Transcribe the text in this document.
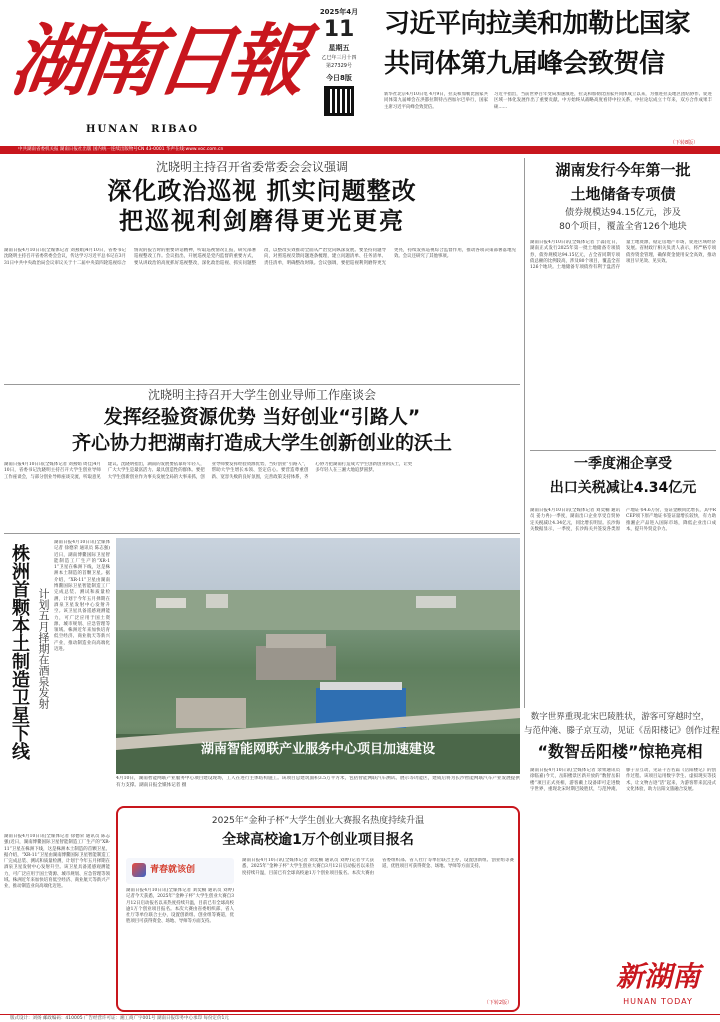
湖南日報
HUNAN  RIBAO
2025年4月
11
星期五
乙巳年三月十四
第27329号
今日8版
习近平向拉美和加勒比国家
共同体第九届峰会致贺信
新华社北京4月10日电 4月9日，拉美和加勒比国家共同体第九届峰会在洪都拉斯特古西加尔巴举行，国家主席习近平向峰会致贺信。
习近平指出，当前世界百年变局加速演进，拉美和加勒比国家共同体成立以来，为推进拉美地区团结协作、促进区域一体化发展作出了重要贡献。中方始终从战略高度看待中拉关系，中拉论坛成立十年来，双方合作成果丰硕……
（下转8版）
中共湖南省委机关报 湖南日报社出版 国内统一连续出版物号CN 43-0001 华声在线:www.voc.com.cn
沈晓明主持召开省委常委会会议强调
深化政治巡视 抓实问题整改
把巡视利剑磨得更光更亮
湖南日报4月10日讯(全媒体记者 刘燕娟)4月10日，省委书记沈晓明主持召开省委常委会会议，传达学习习近平总书记在3月31日中共中央政治局会议审议关于十二届中央第四轮巡视综合情况的报告时的重要讲话精神，听取巡视情况汇报，研究部署巡视整改工作。会议指出，开展巡视是党内监督的重要方式，要从讲政治的高度抓好巡视整改，深化政治巡视、抓实问题整改，以整改实效推动全面从严治党向纵深发展。要坚持问题导向，对照巡视反馈问题逐条梳理，建立问题清单、任务清单、责任清单，明确整改时限。会议强调，要把巡视利剑磨得更光更亮，持续发挥巡视综合监督作用，推动各项决策部署落地见效。会议还研究了其他事项。
沈晓明主持召开大学生创业导师工作座谈会
发挥经验资源优势 当好创业“引路人”
齐心协力把湖南打造成大学生创新创业的沃土
湖南日报4月10日讯(全媒体记者 刘燕娟 周佳)4月10日，省委书记沈晓明主持召开大学生创业导师工作座谈会，与部分创业导师座谈交流，听取意见建议。沈晓明指出，湖南的发展要依靠好年轻人，广大大学生是最富活力、最具创造性的群体。要把大学生创新创业作为事关发展全局的大事来抓，创业导师要发挥经验资源优势，当好创业“引路人”，帮助大学生增长本领、坚定信心。要营造尊重创新、宽容失败的良好氛围，完善政策支持体系，齐心协力把湖南打造成大学生创新创业的沃土，让更多年轻人在三湘大地追梦圆梦。
湖南发行今年第一批
土地储备专项债
债券规模达94.15亿元，涉及
80个项目，覆盖全省126个地块
湖南日报4月10日讯(全媒体记者 于淼)近日，湖南正式发行2025年第一批土地储备专项债券，债券规模达94.15亿元，占全省同期专项债总额的比例较高，涉及80个项目，覆盖全省126个地块。土地储备专项债券有利于盘活存量土地资源，稳定房地产市场，促进区域经济发展。省财政厅相关负责人表示，将严格专项债券资金管理，确保资金使用安全高效，推动项目早见效、见实效。
一季度湘企享受
出口关税减让4.34亿元
湖南日报4月10日讯(全媒体记者 刘奕楠 通讯员 姜力冉)一季度，湖南出口企业享受自贸协定关税减让4.34亿元，同比增长明显。长沙海关数据显示，一季度，长沙海关共签发各类原产地证书4.6万份，签证金额同比增长，其中RCEP项下原产地证书签证量增长较快，有力助推湘企产品进入国际市场，降低企业出口成本，提升外贸竞争力。
株洲首颗本土制造卫星下线 计划五月择期在酒泉发射
湖南日报4月10日讯(全媒体记者 徐德荣 通讯员 陈志强)近日，湖南博鳌国际卫星智能制造工厂生产的“XR-11”卫星在株洲下线，这是株洲本土制造的首颗卫星。据介绍，“XR-11”卫星由湖南博鳌国际卫星智能制造工厂完成总装、测试和质量检测，计划于今年五月择期在酒泉卫星发射中心发射升空。该卫星具备遥感观测能力，可广泛应用于国土资源、城市规划、应急管理等领域。株洲近年来加快培育低空经济、商业航天等新兴产业，推动制造业向高端化迈进。
湖南日报4月10日讯(全媒体记者 徐德荣 通讯员 陈志强)近日，湖南博鳌国际卫星智能制造工厂生产的“XR-11”卫星在株洲下线，这是株洲本土制造的首颗卫星。据介绍，“XR-11”卫星由湖南博鳌国际卫星智能制造工厂完成总装、测试和质量检测，计划于今年五月择期在酒泉卫星发射中心发射升空。该卫星具备遥感观测能力，可广泛应用于国土资源、城市规划、应急管理等领域。株洲近年来加快培育低空经济、商业航天等新兴产业，推动制造业向高端化迈进。
湖南智能网联产业服务中心项目加速建设
4月10日，湖南智能网联产业服务中心项目建设现场，工人在进行主体结构施工。该项目总建筑面积3.5万平方米，包括智能网联汽车测试、展示等功能区，建成后将为长沙智能网联汽车产业发展提供有力支撑。湖南日报全媒体记者 摄
数字世界重现北宋巴陵胜状，游客可穿越时空，
与范仲淹、滕子京互动，见证《岳阳楼记》创作过程
“数智岳阳楼”惊艳亮相
湖南日报4月10日讯(全媒体记者 余果通讯员 徐临嘉)今天，岳阳楼景区新开放的“数智岳阳楼”项目正式亮相，游客戴上设备即可走进数字世界，重现北宋时期巴陵胜状，与范仲淹、滕子京互动，见证千古名篇《岳阳楼记》的创作过程。该项目运用数字孪生、虚拟现实等技术，让文物古迹“活”起来，为游客带来沉浸式文化体验，助力岳阳文旅融合发展。
新湖南
HUNAN TODAY
2025年“金种子杯”大学生创业大赛报名热度持续升温
全球高校逾1万个创业项目报名
青春就该创
湖南日报4月10日讯(全媒体记者 刘奕楠 通讯员 刘婷)记者今天获悉，2025年“金种子杯”大学生创业大赛自3月12日启动报名以来热度持续升温，目前已有全球高校逾1万个创业项目报名。本次大赛由省委组织部、省人社厅等单位联合主办，设置创新组、创业组等赛道，优胜项目可获得资金、场地、导师等方面支持。
湖南日报4月10日讯(全媒体记者 刘奕楠 通讯员 刘婷)记者今天获悉，2025年“金种子杯”大学生创业大赛自3月12日启动报名以来热度持续升温，目前已有全球高校逾1万个创业项目报名。本次大赛由省委组织部、省人社厅等单位联合主办，设置创新组、创业组等赛道，优胜项目可获得资金、场地、导师等方面支持。
（下转2版）
版式设计：刘扬 邮政编码：410005 广告经营许可证：湘工商广字001号 湖南日报印务中心承印 每份定价1元
